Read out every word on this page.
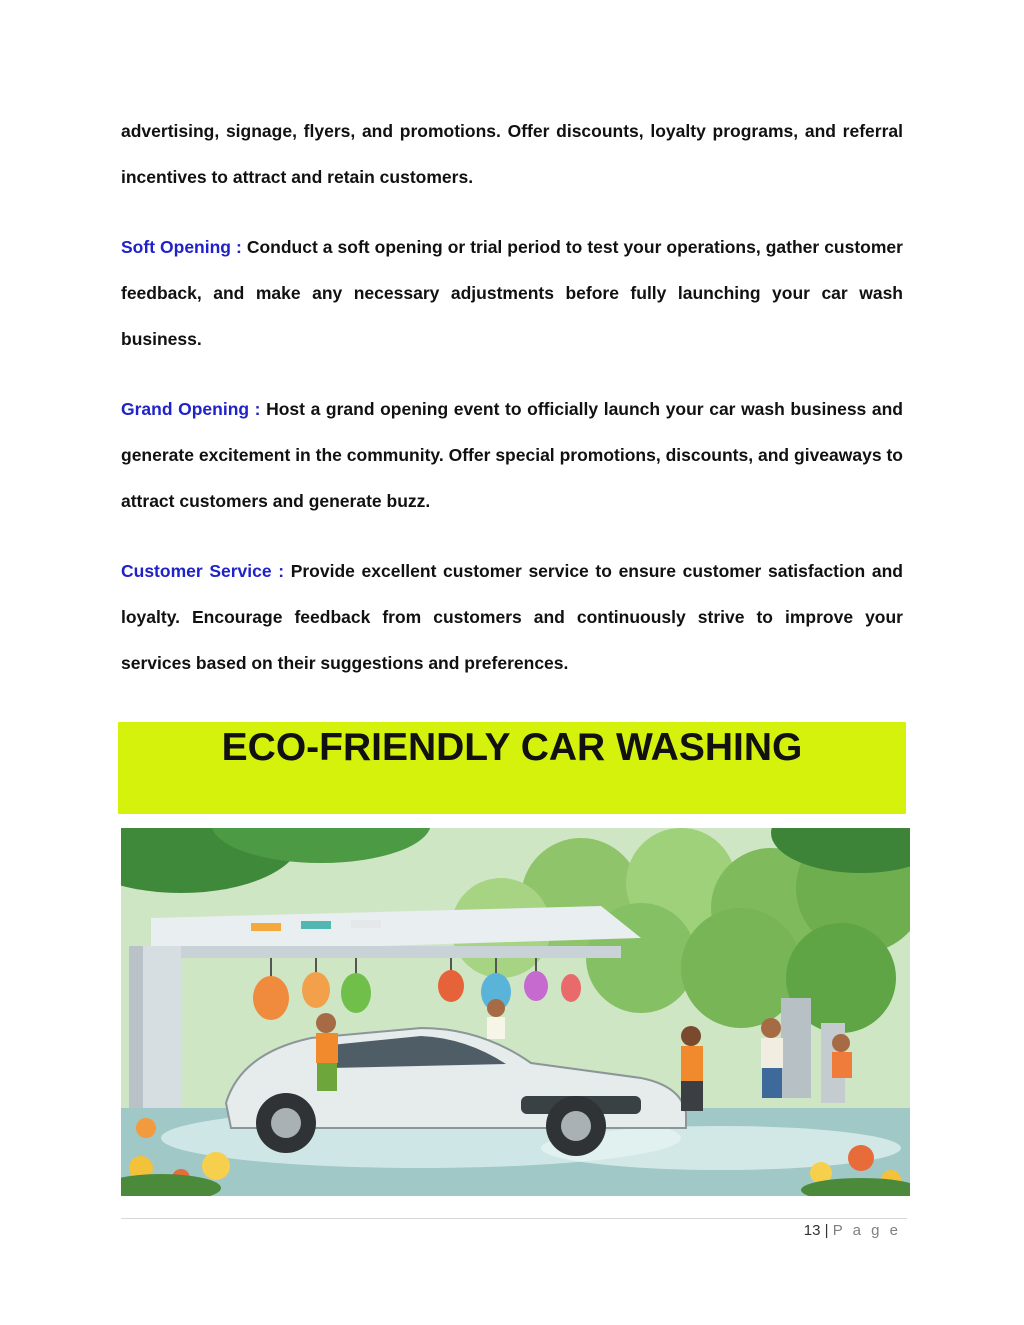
advertising, signage, flyers, and promotions. Offer discounts, loyalty programs, and referral incentives to attract and retain customers.

Soft Opening : Conduct a soft opening or trial period to test your operations, gather customer feedback, and make any necessary adjustments before fully launching your car wash business.

Grand Opening : Host a grand opening event to officially launch your car wash business and generate excitement in the community. Offer special promotions, discounts, and giveaways to attract customers and generate buzz.

Customer Service : Provide excellent customer service to ensure customer satisfaction and loyalty. Encourage feedback from customers and continuously strive to improve your services based on their suggestions and preferences.

ECO-FRIENDLY CAR WASHING
13 | P a g e
